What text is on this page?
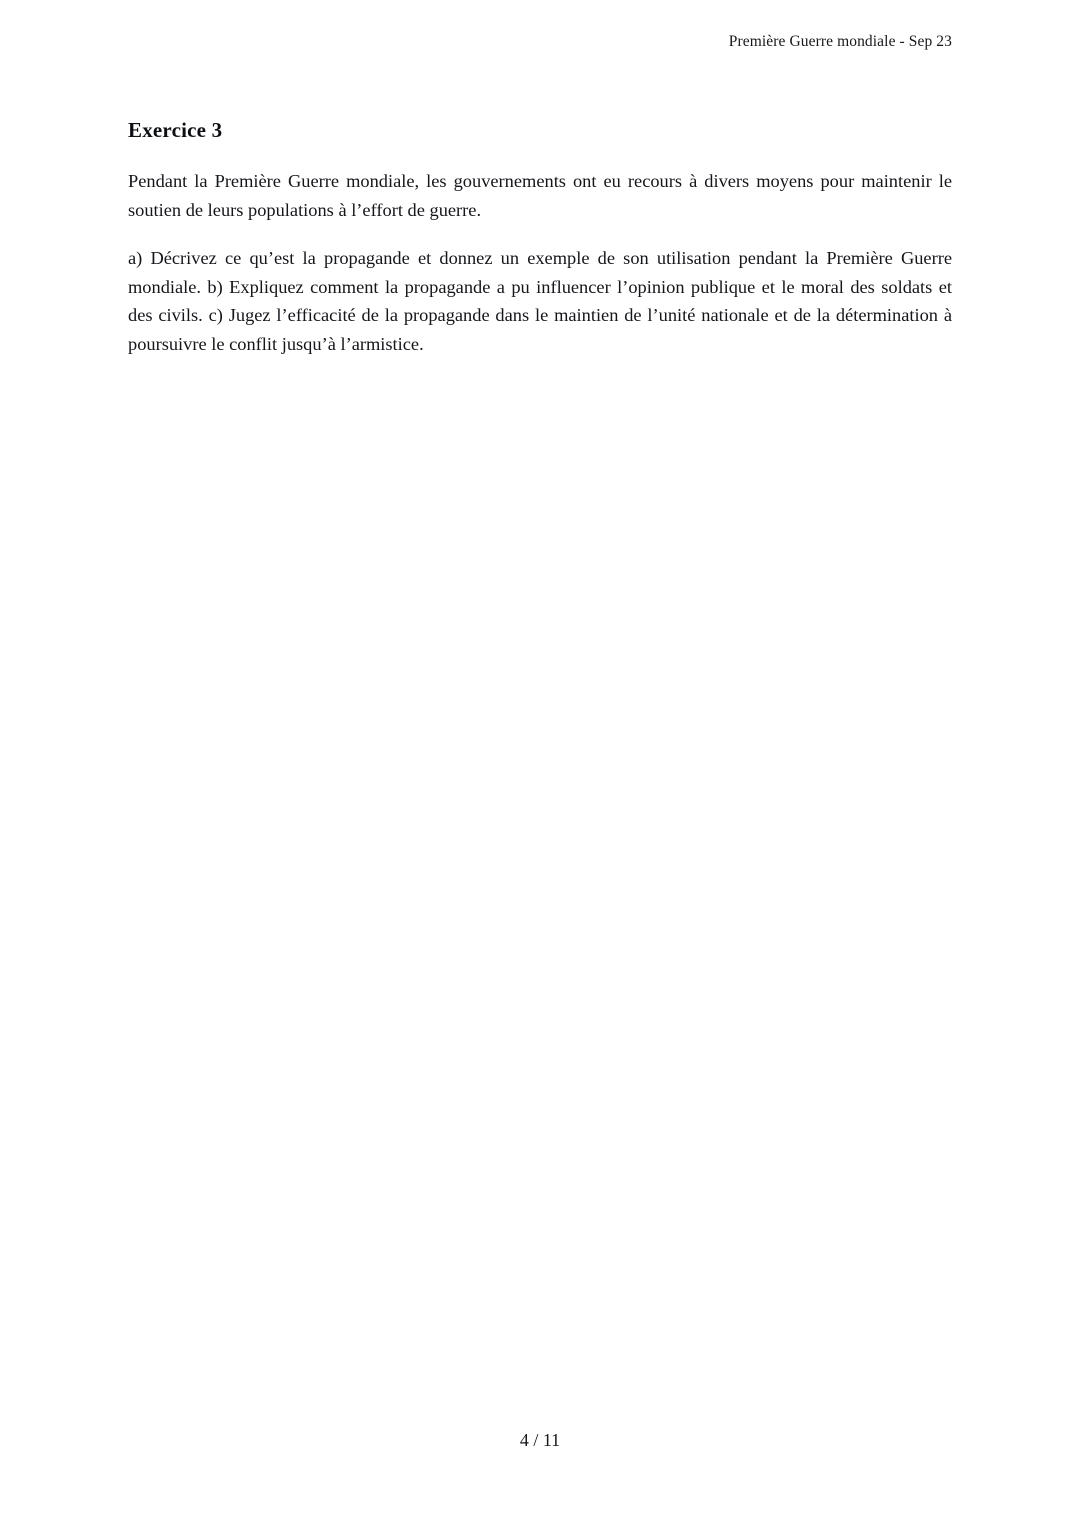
Première Guerre mondiale - Sep 23
Exercice 3

Pendant la Première Guerre mondiale, les gouvernements ont eu recours à divers moyens pour maintenir le soutien de leurs populations à l’effort de guerre.

a) Décrivez ce qu’est la propagande et donnez un exemple de son utilisation pendant la Première Guerre mondiale. b) Expliquez comment la propagande a pu influencer l’opinion publique et le moral des soldats et des civils. c) Jugez l’efficacité de la propagande dans le maintien de l’unité nationale et de la détermination à poursuivre le conflit jusqu’à l’armistice.

4 / 11
